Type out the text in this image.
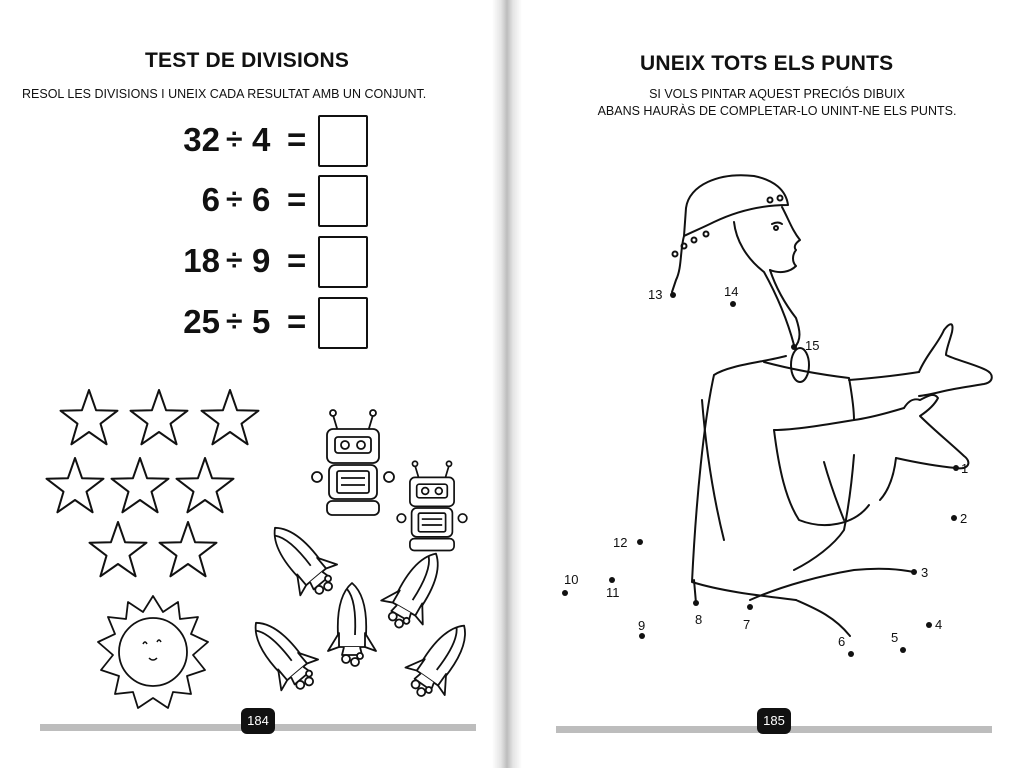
TEST DE DIVISIONS
RESOL LES DIVISIONS I UNEIX CADA RESULTAT AMB UN CONJUNT.
32 ÷ 4 =
6 ÷ 6 =
18 ÷ 9 =
25 ÷ 5 =
184
UNEIX TOTS ELS PUNTS
SI VOLS PINTAR AQUEST PRECIÓS DIBUIX
ABANS HAURÀS DE COMPLETAR-LO UNINT-NE ELS PUNTS.
1
2
3
4
5
6
7
8
9
10
11
12
13	14
15
185
